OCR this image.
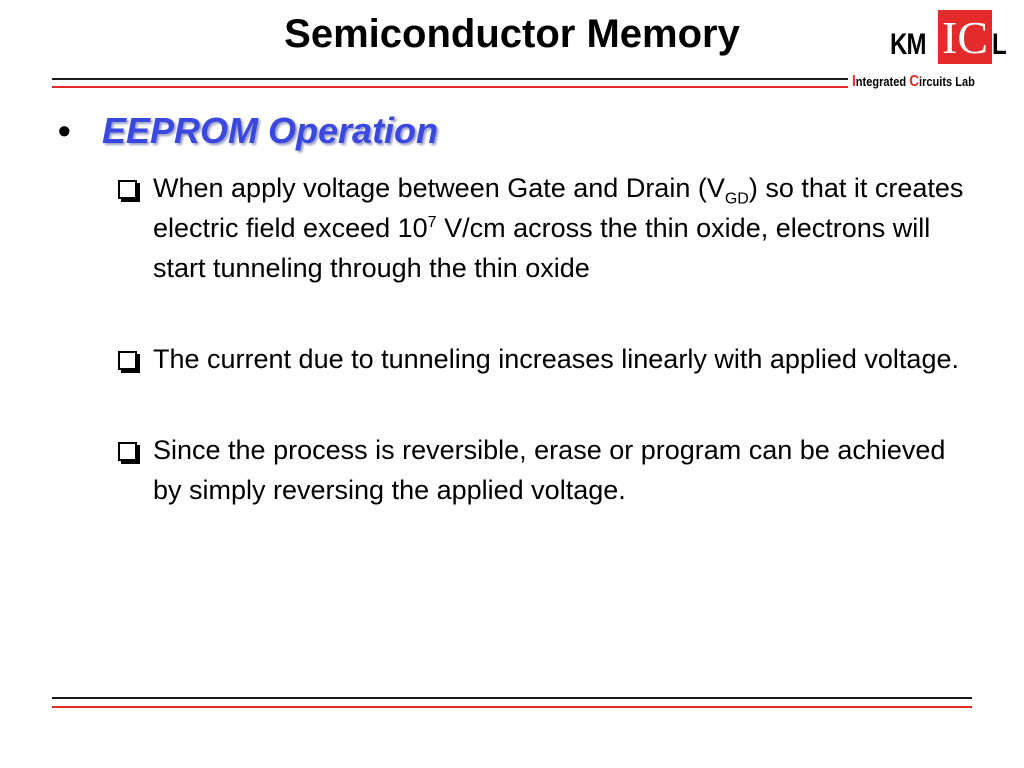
Semiconductor Memory	KM IC L
Integrated Circuits Lab
• EEPROM Operation
When apply voltage between Gate and Drain $(V_{GD})$ so that it creates electric field exceed $10^7$ V/cm across the thin oxide, electrons will start tunneling through the thin oxide
The current due to tunneling increases linearly with applied voltage.
Since the process is reversible, erase or program can be achieved by simply reversing the applied voltage.
